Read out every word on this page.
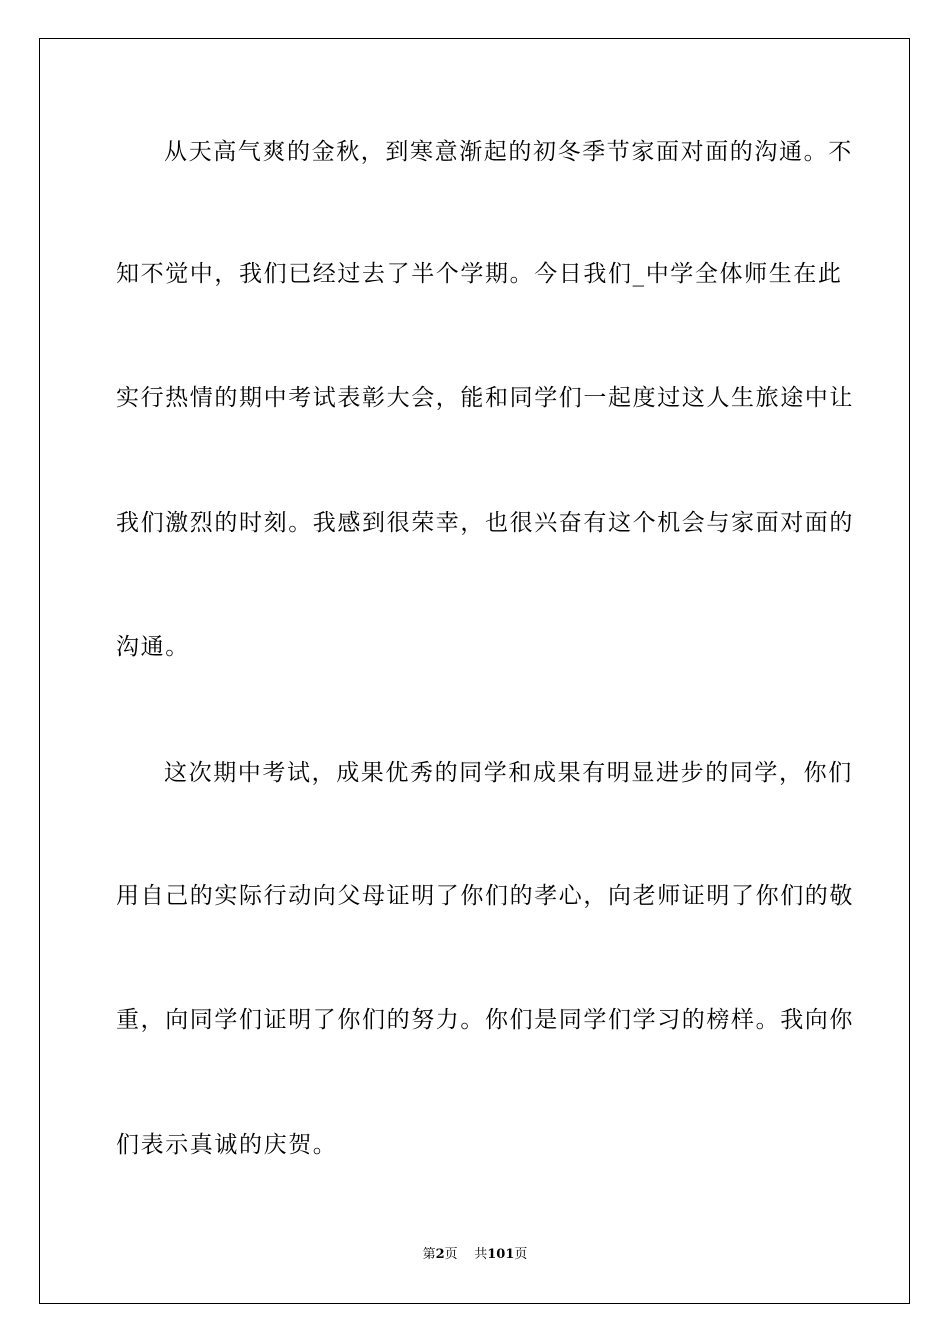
从天高气爽的金秋，到寒意渐起的初冬季节家面对面的沟通。不
知不觉中，我们已经过去了半个学期。今日我们_中学全体师生在此
实行热情的期中考试表彰大会，能和同学们一起度过这人生旅途中让
我们激烈的时刻。我感到很荣幸，也很兴奋有这个机会与家面对面的
沟通。
这次期中考试，成果优秀的同学和成果有明显进步的同学，你们
用自己的实际行动向父母证明了你们的孝心，向老师证明了你们的敬
重，向同学们证明了你们的努力。你们是同学们学习的榜样。我向你
们表示真诚的庆贺。
第2页 共101页
